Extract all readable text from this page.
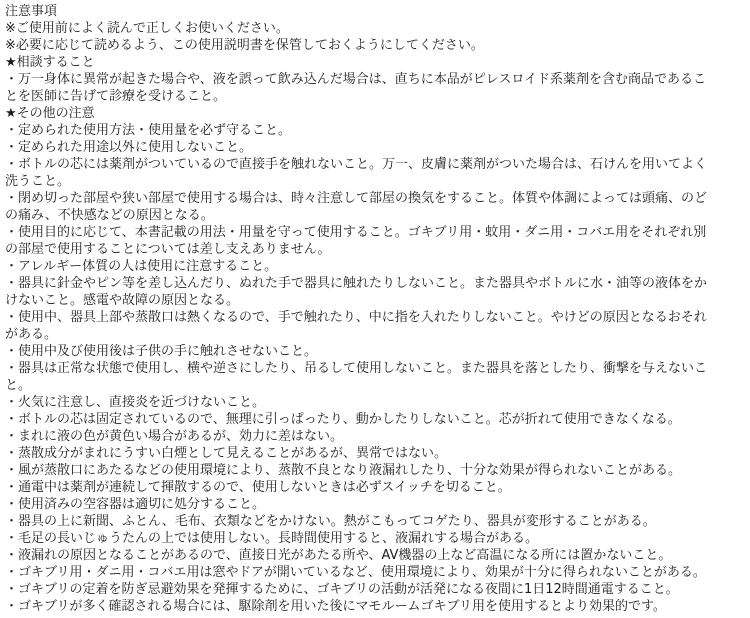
注意事項
※ご使用前によく読んで正しくお使いください。
※必要に応じて読めるよう、この使用説明書を保管しておくようにしてください。
★相談すること
・万一身体に異常が起きた場合や、液を誤って飲み込んだ場合は、直ちに本品がピレスロイド系薬剤を含む商品であることを医師に告げて診療を受けること。
★その他の注意
・定められた使用方法・使用量を必ず守ること。
・定められた用途以外に使用しないこと。
・ボトルの芯には薬剤がついているので直接手を触れないこと。万一、皮膚に薬剤がついた場合は、石けんを用いてよく洗うこと。
・閉め切った部屋や狭い部屋で使用する場合は、時々注意して部屋の換気をすること。体質や体調によっては頭痛、のどの痛み、不快感などの原因となる。
・使用目的に応じて、本書記載の用法・用量を守って使用すること。ゴキブリ用・蚊用・ダニ用・コバエ用をそれぞれ別の部屋で使用することについては差し支えありません。
・アレルギー体質の人は使用に注意すること。
・器具に針金やピン等を差し込んだり、ぬれた手で器具に触れたりしないこと。また器具やボトルに水・油等の液体をかけないこと。感電や故障の原因となる。
・使用中、器具上部や蒸散口は熱くなるので、手で触れたり、中に指を入れたりしないこと。やけどの原因となるおそれがある。
・使用中及び使用後は子供の手に触れさせないこと。
・器具は正常な状態で使用し、横や逆さにしたり、吊るして使用しないこと。また器具を落としたり、衝撃を与えないこと。
・火気に注意し、直接炎を近づけないこと。
・ボトルの芯は固定されているので、無理に引っぱったり、動かしたりしないこと。芯が折れて使用できなくなる。
・まれに液の色が黄色い場合があるが、効力に差はない。
・蒸散成分がまれにうすい白煙として見えることがあるが、異常ではない。
・風が蒸散口にあたるなどの使用環境により、蒸散不良となり液漏れしたり、十分な効果が得られないことがある。
・通電中は薬剤が連続して揮散するので、使用しないときは必ずスイッチを切ること。
・使用済みの空容器は適切に処分すること。
・器具の上に新聞、ふとん、毛布、衣類などをかけない。熱がこもってコゲたり、器具が変形することがある。
・毛足の長いじゅうたんの上では使用しない。長時間使用すると、液漏れする場合がある。
・液漏れの原因となることがあるので、直接日光があたる所や、AV機器の上など高温になる所には置かないこと。
・ゴキブリ用・ダニ用・コバエ用は窓やドアが開いているなど、使用環境により、効果が十分に得られないことがある。
・ゴキブリの定着を防ぎ忌避効果を発揮するために、ゴキブリの活動が活発になる夜間に1日12時間通電すること。
・ゴキブリが多く確認される場合には、駆除剤を用いた後にマモルームゴキブリ用を使用するとより効果的です。
